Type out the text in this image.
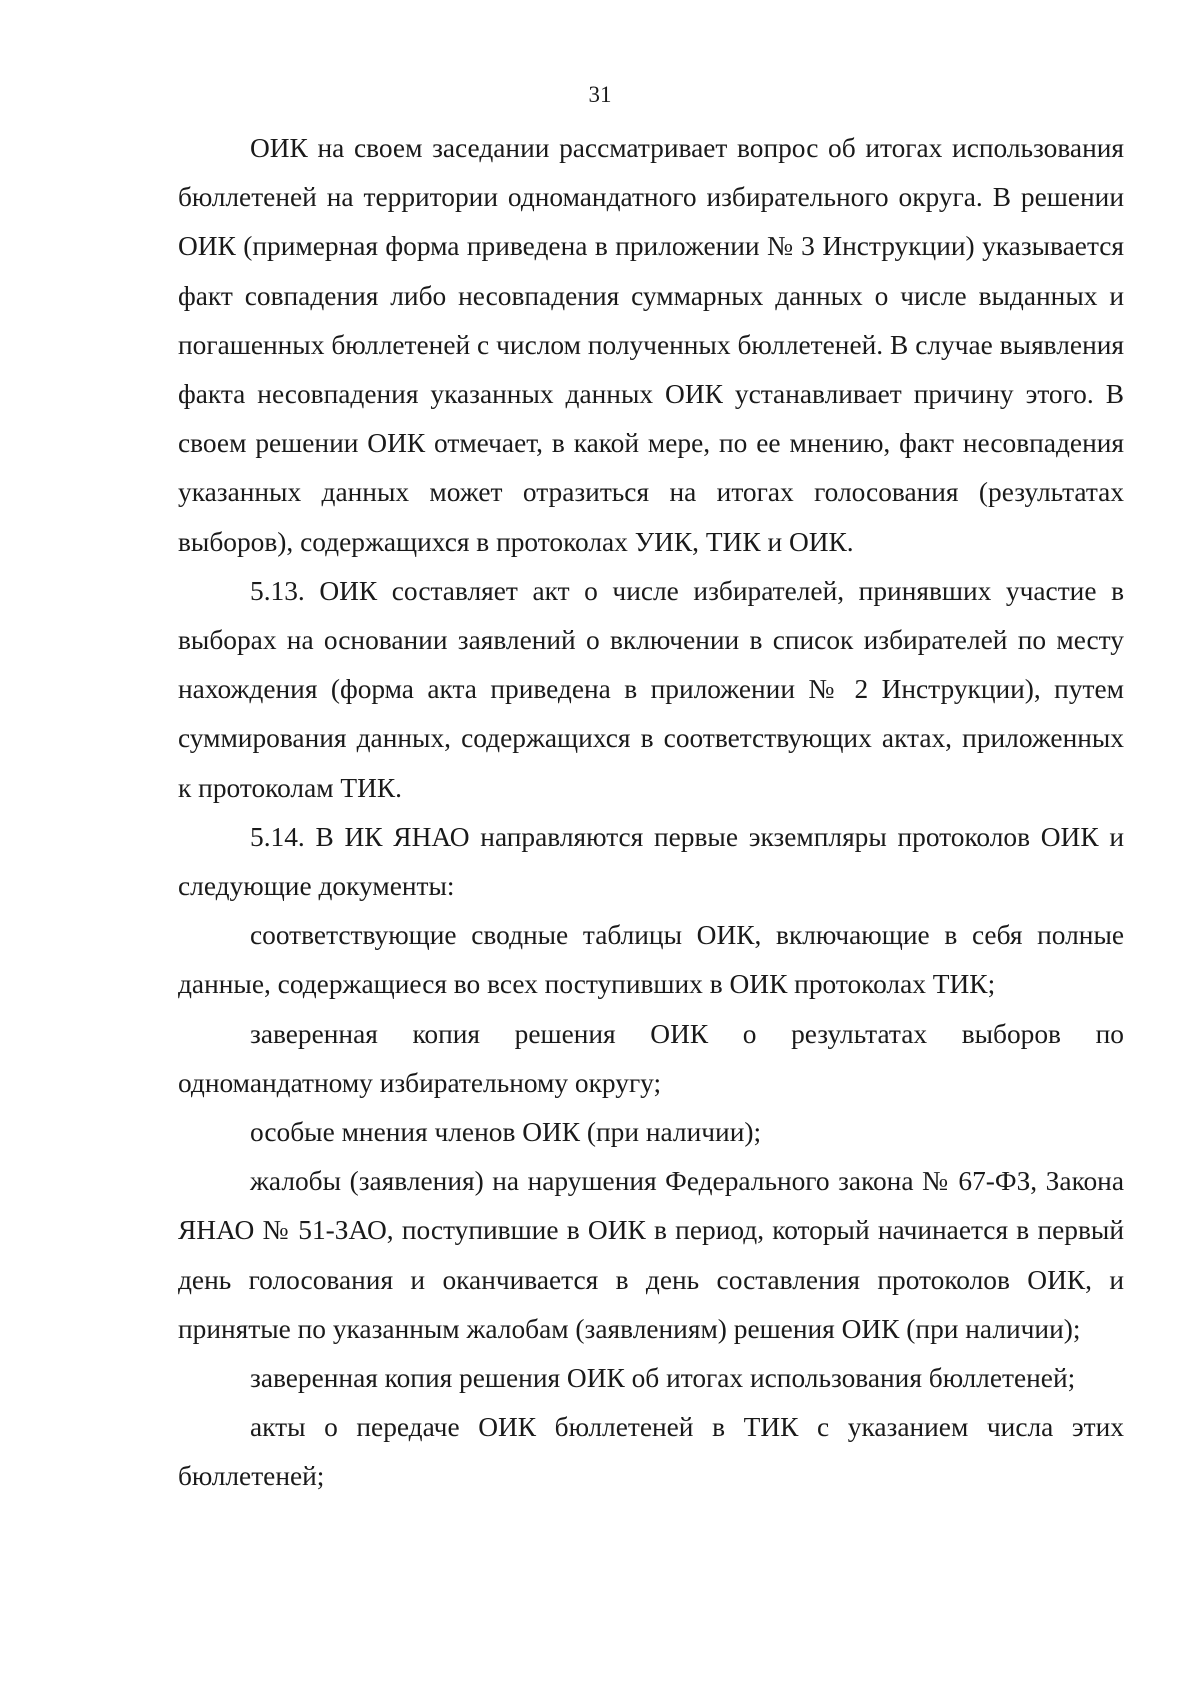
31

ОИК на своем заседании рассматривает вопрос об итогах использования бюллетеней на территории одномандатного избирательного округа. В решении ОИК (примерная форма приведена в приложении № 3 Инструкции) указывается факт совпадения либо несовпадения суммарных данных о числе выданных и погашенных бюллетеней с числом полученных бюллетеней. В случае выявления факта несовпадения указанных данных ОИК устанавливает причину этого. В своем решении ОИК отмечает, в какой мере, по ее мнению, факт несовпадения указанных данных может отразиться на итогах голосования (результатах выборов), содержащихся в протоколах УИК, ТИК и ОИК.

5.13. ОИК составляет акт о числе избирателей, принявших участие в выборах на основании заявлений о включении в список избирателей по месту нахождения (форма акта приведена в приложении № 2 Инструкции), путем суммирования данных, содержащихся в соответствующих актах, приложенных к протоколам ТИК.

5.14. В ИК ЯНАО направляются первые экземпляры протоколов ОИК и следующие документы:

соответствующие сводные таблицы ОИК, включающие в себя полные данные, содержащиеся во всех поступивших в ОИК протоколах ТИК;

заверенная копия решения ОИК о результатах выборов по одномандатному избирательному округу;

особые мнения членов ОИК (при наличии);

жалобы (заявления) на нарушения Федерального закона № 67-ФЗ, Закона ЯНАО № 51-ЗАО, поступившие в ОИК в период, который начинается в первый день голосования и оканчивается в день составления протоколов ОИК, и принятые по указанным жалобам (заявлениям) решения ОИК (при наличии);

заверенная копия решения ОИК об итогах использования бюллетеней;

акты о передаче ОИК бюллетеней в ТИК с указанием числа этих бюллетеней;
